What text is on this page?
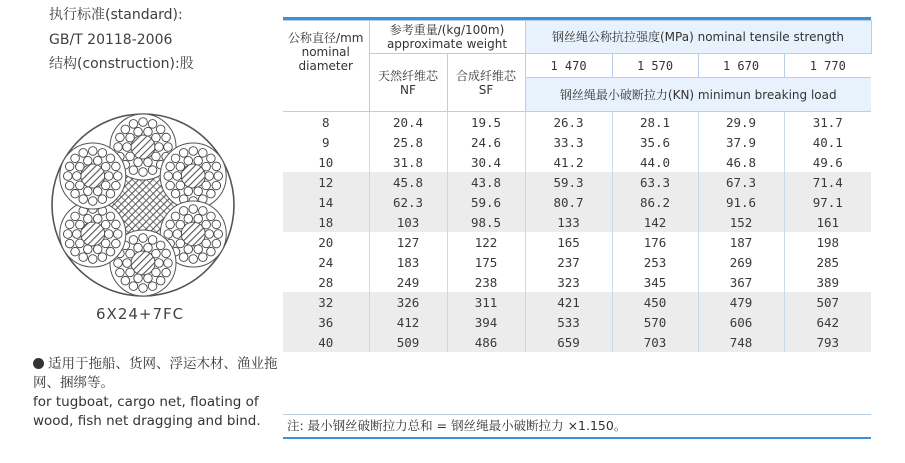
执行标准(standard):
GB/T 20118-2006
结构(construction):股
6X24+7FC
适用于拖船、货网、浮运木材、渔业拖网、捆绑等。
for tugboat, cargo net, floating of wood, fish net dragging and bind.
公称直径/mm nominal diameter	参考重量/(kg/100m) approximate weight		钢丝绳公称抗拉强度(MPa) nominal tensile strength			
	天然纤维芯 NF	合成纤维芯 SF	1 470	1 570	1 670	1 770
			钢丝绳最小破断拉力(KN) minimun breaking load			
8	20.4	19.5	26.3	28.1	29.9	31.7
9	25.8	24.6	33.3	35.6	37.9	40.1
10	31.8	30.4	41.2	44.0	46.8	49.6
12	45.8	43.8	59.3	63.3	67.3	71.4
14	62.3	59.6	80.7	86.2	91.6	97.1
18	103	98.5	133	142	152	161
20	127	122	165	176	187	198
24	183	175	237	253	269	285
28	249	238	323	345	367	389
32	326	311	421	450	479	507
36	412	394	533	570	606	642
40	509	486	659	703	748	793
注: 最小钢丝破断拉力总和 = 钢丝绳最小破断拉力 ×1.150。
